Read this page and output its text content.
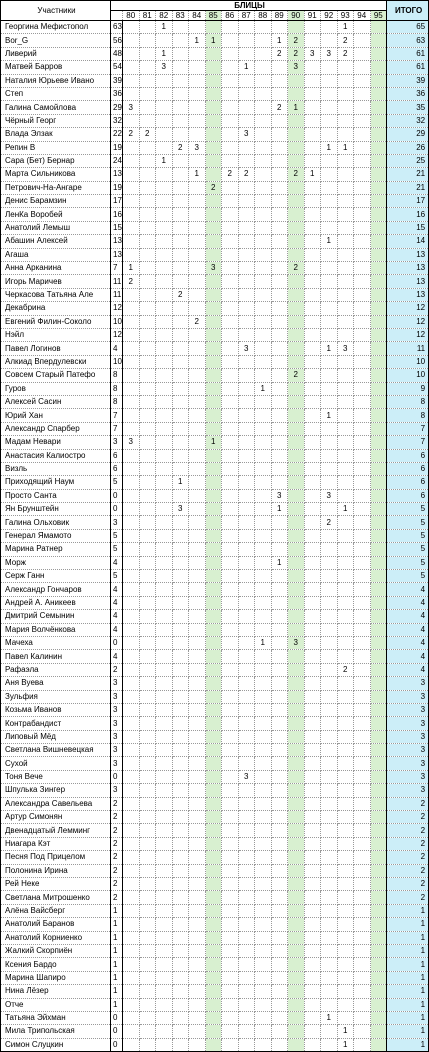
Участники	БЛИЦЫ																	ИТОГО
		80	81	82	83	84	85	86	87	88	89	90	91	92	93	94	95	
Георгина Мефистопол	63			1											1			65
Bor_G	56					1	1				1	2			2			63
Ливерий	48			1							2	2	3	3	2			61
Матвей Барров	54			3					1			3						61
Наталия Юрьевe Ивано	39																	39
Степ	36																	36
Галина Самойлова	29	3									2	1						35
Чёрный Георг	32																	32
Влада Элзак	22	2	2						3									29
Репин В	19				2	3								1	1			26
Сара (Бет) Бернар	24			1														25
Марта Сильникова	13					1		2	2			2	1					21
Петрович-На-Ангаре	19						2											21
Денис Барамзин	17																	17
ЛенКа Воробей	16																	16
Анатолий Лемыш	15																	15
Абашин Алексей	13													1				14
Агаша	13																	13
Анна Арканина	7	1					3					2						13
Игорь Маричев	11	2																13
Черкасова Татьяна Але	11				2													13
Декабрина	12																	12
Евгений Филин-Соколо	10					2												12
Нэйл	12																	12
Павел Логинов	4								3					1	3			11
Алкиад Впердулевски	10																	10
Совсем Старый Патефо	8											2						10
Гуров	8									1								9
Алексей Сасин	8																	8
Юрий Хан	7													1				8
Александр Спарбер	7																	7
Мадам Невари	3	3					1											7
Анастасия Калиостро	6																	6
Визль	6																	6
Приходящий Наум	5				1													6
Просто Санта	0										3			3				6
Ян Брунштейн	0				3						1				1			5
Галина Ольховик	3													2				5
Генерал Ямамото	5																	5
Марина Ратнер	5																	5
Морж	4										1							5
Серж Ганн	5																	5
Александр Гончаров	4																	4
Андрей А. Аникеев	4																	4
Дмитрий Семынин	4																	4
Мария Волчёнкова	4																	4
Мачеха	0									1		3						4
Павел Калинин	4																	4
Рафаэла	2														2			4
Аня Вуева	3																	3
Зульфия	3																	3
Козьма Иванов	3																	3
Контрабандист	3																	3
Липовый Мёд	3																	3
Светлана Вишневецкая	3																	3
Сухой	3																	3
Тоня Вече	0								3									3
Шпулька Зингер	3																	3
Александра Савельева	2																	2
Артур Симонян	2																	2
Двенадцатый Лемминг	2																	2
Ниагара Кэт	2																	2
Песня Под Прицелом	2																	2
Полонина Ирина	2																	2
Рей Неке	2																	2
Светлана Митрошенко	2																	2
Алёна Вайсберг	1																	1
Анатолий Баранов	1																	1
Анатолий Корниенко	1																	1
Жалкий Скорпиён	1																	1
Ксения Бардо	1																	1
Марина Шапиро	1																	1
Нина Лёзер	1																	1
Отче	1																	1
Татьяна Эйхман	0													1				1
Мила Трипольская	0														1			1
Симон Слуцкин	0														1			1
